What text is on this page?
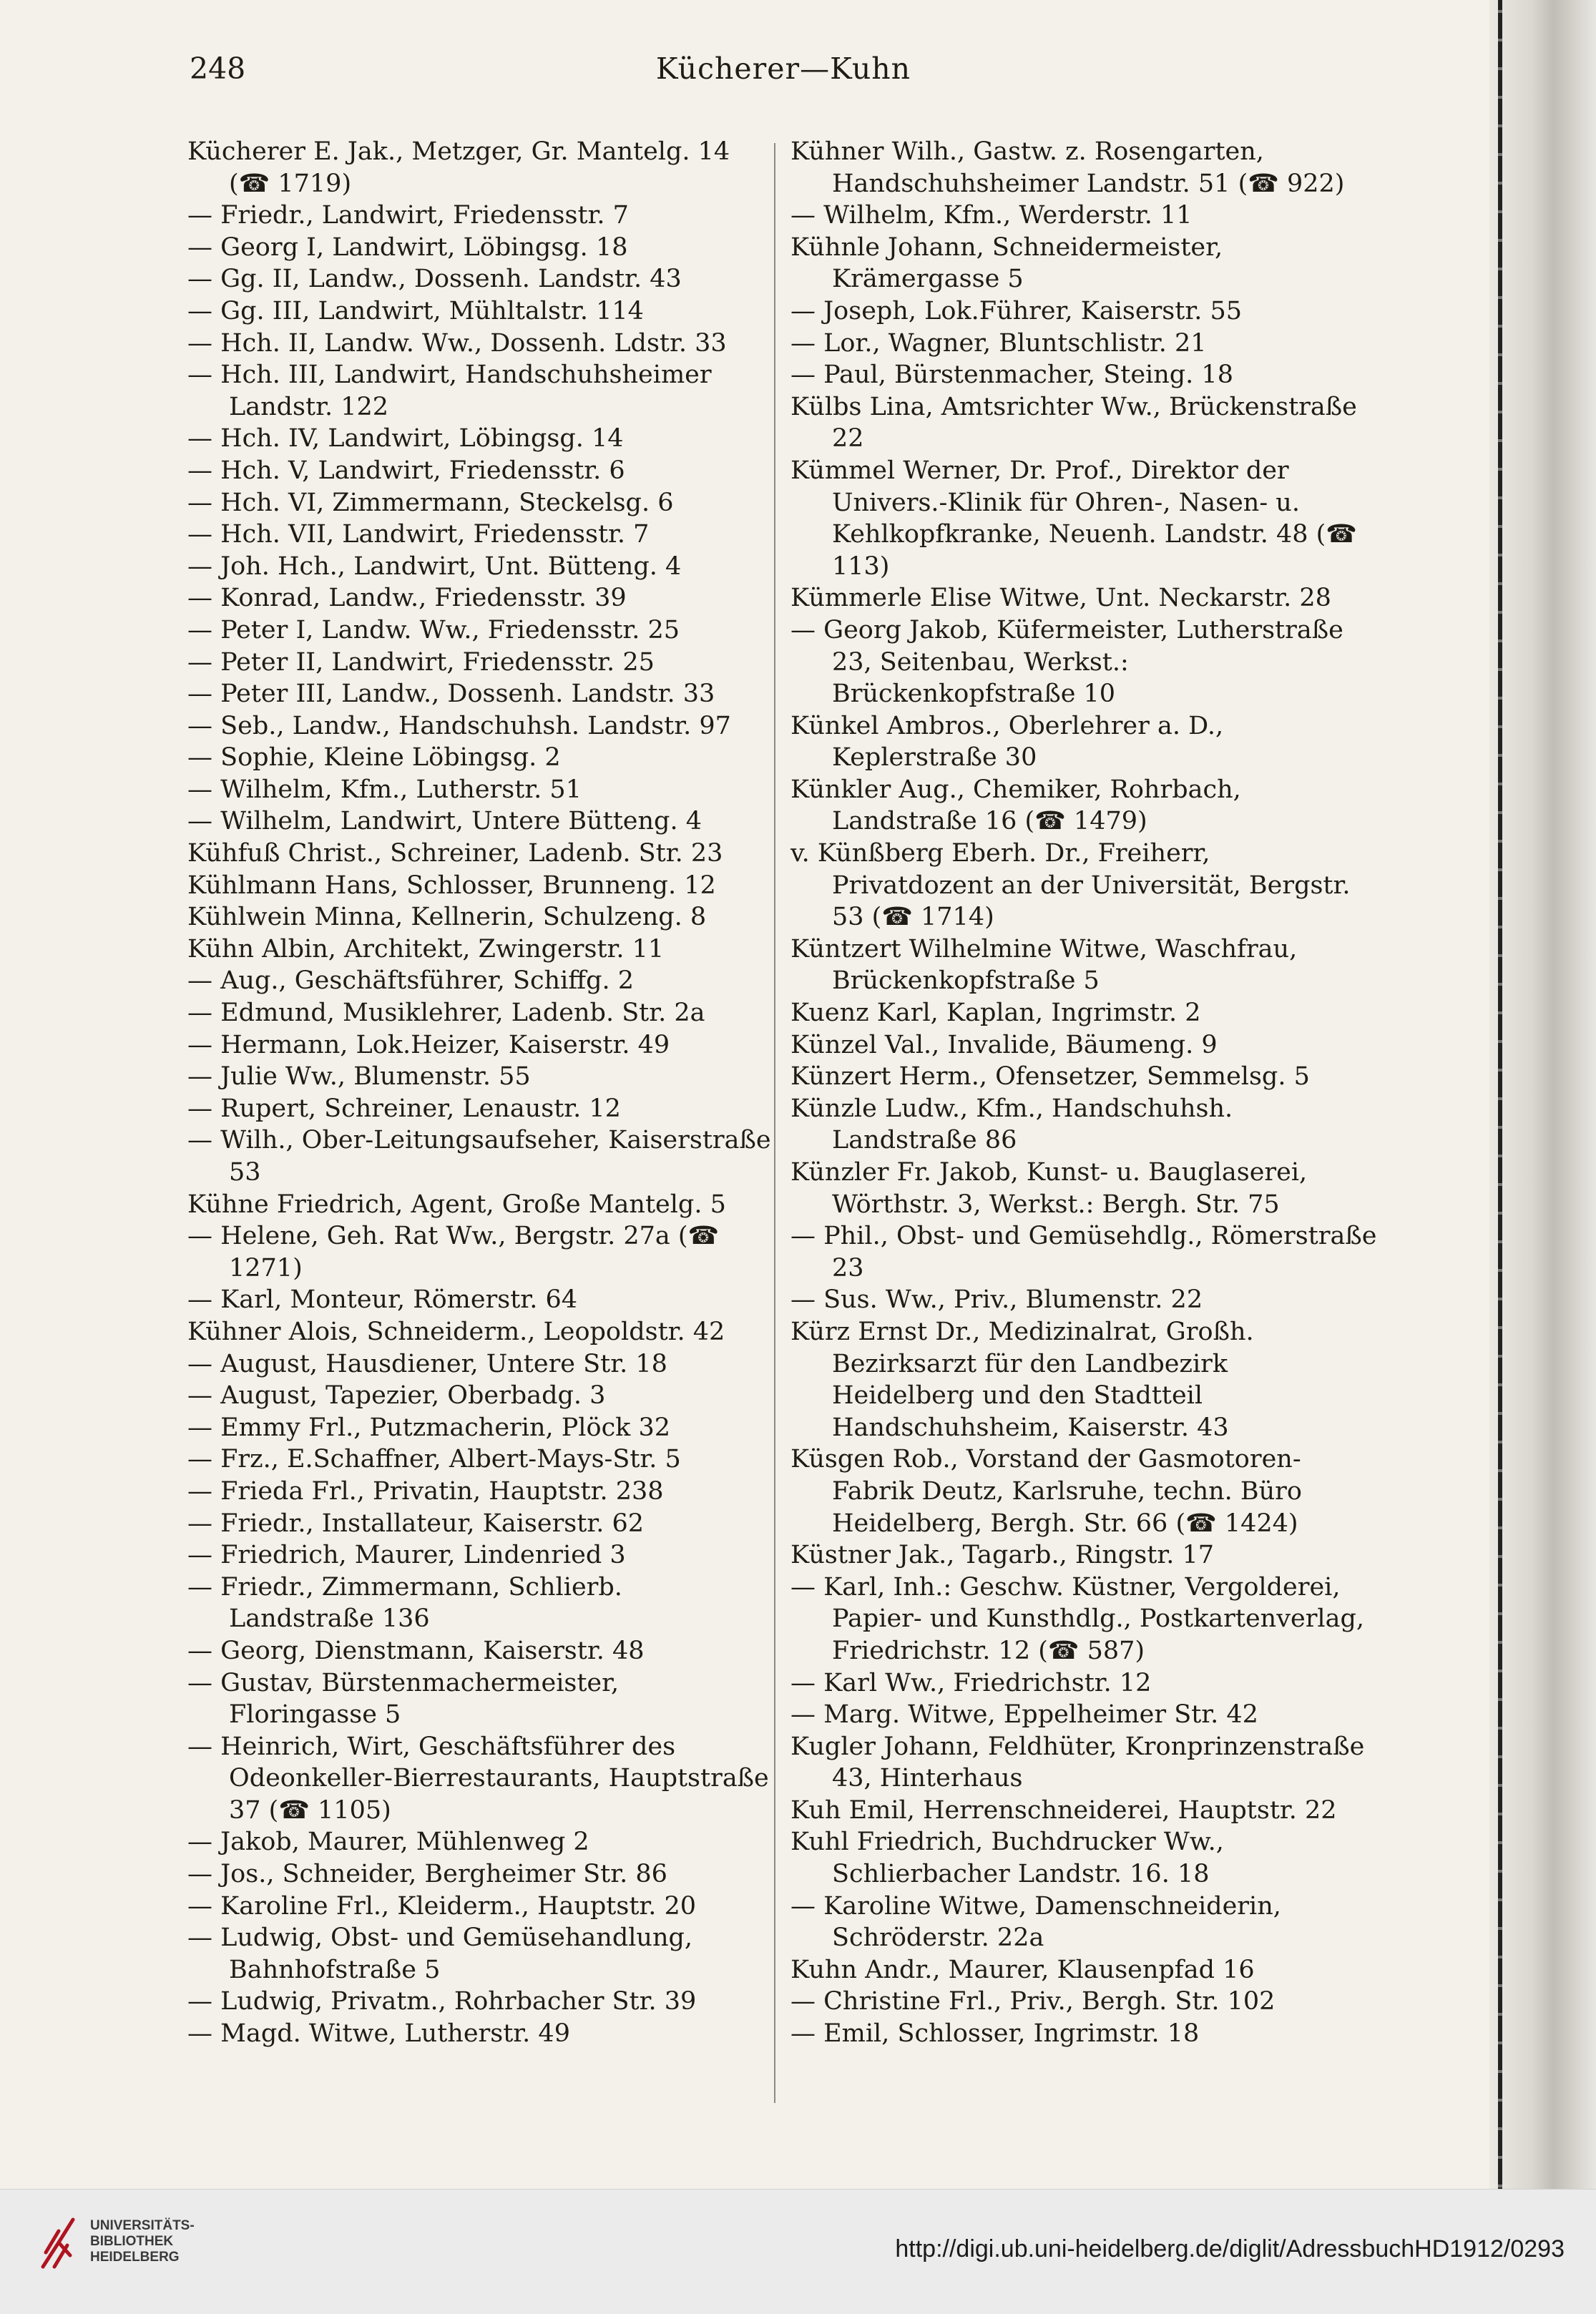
Kücherer—Kuhn
248

Kücherer E. Jak., Metzger, Gr. Mantelg. 14 (☎ 1719)

— Friedr., Landwirt, Friedensstr. 7

— Georg I, Landwirt, Löbingsg. 18

— Gg. II, Landw., Dossenh. Landstr. 43

— Gg. III, Landwirt, Mühltalstr. 114

— Hch. II, Landw. Ww., Dossenh. Ldstr. 33

— Hch. III, Landwirt, Handschuhsheimer Landstr. 122

— Hch. IV, Landwirt, Löbingsg. 14

— Hch. V, Landwirt, Friedensstr. 6

— Hch. VI, Zimmermann, Steckelsg. 6

— Hch. VII, Landwirt, Friedensstr. 7

— Joh. Hch., Landwirt, Unt. Bütteng. 4

— Konrad, Landw., Friedensstr. 39

— Peter I, Landw. Ww., Friedensstr. 25

— Peter II, Landwirt, Friedensstr. 25

— Peter III, Landw., Dossenh. Landstr. 33

— Seb., Landw., Handschuhsh. Landstr. 97

— Sophie, Kleine Löbingsg. 2

— Wilhelm, Kfm., Lutherstr. 51

— Wilhelm, Landwirt, Untere Bütteng. 4

Kühfuß Christ., Schreiner, Ladenb. Str. 23

Kühlmann Hans, Schlosser, Brunneng. 12

Kühlwein Minna, Kellnerin, Schulzeng. 8

Kühn Albin, Architekt, Zwingerstr. 11

— Aug., Geschäftsführer, Schiffg. 2

— Edmund, Musiklehrer, Ladenb. Str. 2a

— Hermann, Lok.Heizer, Kaiserstr. 49

— Julie Ww., Blumenstr. 55

— Rupert, Schreiner, Lenaustr. 12

— Wilh., Ober-Leitungsaufseher, Kaiserstraße 53

Kühne Friedrich, Agent, Große Mantelg. 5

— Helene, Geh. Rat Ww., Bergstr. 27a (☎ 1271)

— Karl, Monteur, Römerstr. 64

Kühner Alois, Schneiderm., Leopoldstr. 42

— August, Hausdiener, Untere Str. 18

— August, Tapezier, Oberbadg. 3

— Emmy Frl., Putzmacherin, Plöck 32

— Frz., E.Schaffner, Albert-Mays-Str. 5

— Frieda Frl., Privatin, Hauptstr. 238

— Friedr., Installateur, Kaiserstr. 62

— Friedrich, Maurer, Lindenried 3

— Friedr., Zimmermann, Schlierb. Landstraße 136

— Georg, Dienstmann, Kaiserstr. 48

— Gustav, Bürstenmachermeister, Floringasse 5

— Heinrich, Wirt, Geschäftsführer des Odeonkeller-Bierrestaurants, Hauptstraße 37 (☎ 1105)

— Jakob, Maurer, Mühlenweg 2

— Jos., Schneider, Bergheimer Str. 86

— Karoline Frl., Kleiderm., Hauptstr. 20

— Ludwig, Obst- und Gemüsehandlung, Bahnhofstraße 5

— Ludwig, Privatm., Rohrbacher Str. 39

— Magd. Witwe, Lutherstr. 49

Kühner Wilh., Gastw. z. Rosengarten, Handschuhsheimer Landstr. 51 (☎ 922)

— Wilhelm, Kfm., Werderstr. 11

Kühnle Johann, Schneidermeister, Krämergasse 5

— Joseph, Lok.Führer, Kaiserstr. 55

— Lor., Wagner, Bluntschlistr. 21

— Paul, Bürstenmacher, Steing. 18

Külbs Lina, Amtsrichter Ww., Brückenstraße 22

Kümmel Werner, Dr. Prof., Direktor der Univers.-Klinik für Ohren-, Nasen- u. Kehlkopfkranke, Neuenh. Landstr. 48 (☎ 113)

Kümmerle Elise Witwe, Unt. Neckarstr. 28

— Georg Jakob, Küfermeister, Lutherstraße 23, Seitenbau, Werkst.: Brückenkopfstraße 10

Künkel Ambros., Oberlehrer a. D., Keplerstraße 30

Künkler Aug., Chemiker, Rohrbach, Landstraße 16 (☎ 1479)

v. Künßberg Eberh. Dr., Freiherr, Privatdozent an der Universität, Bergstr. 53 (☎ 1714)

Küntzert Wilhelmine Witwe, Waschfrau, Brückenkopfstraße 5

Kuenz Karl, Kaplan, Ingrimstr. 2

Künzel Val., Invalide, Bäumeng. 9

Künzert Herm., Ofensetzer, Semmelsg. 5

Künzle Ludw., Kfm., Handschuhsh. Landstraße 86

Künzler Fr. Jakob, Kunst- u. Bauglaserei, Wörthstr. 3, Werkst.: Bergh. Str. 75

— Phil., Obst- und Gemüsehdlg., Römerstraße 23

— Sus. Ww., Priv., Blumenstr. 22

Kürz Ernst Dr., Medizinalrat, Großh. Bezirksarzt für den Landbezirk Heidelberg und den Stadtteil Handschuhsheim, Kaiserstr. 43

Küsgen Rob., Vorstand der Gasmotoren-Fabrik Deutz, Karlsruhe, techn. Büro Heidelberg, Bergh. Str. 66 (☎ 1424)

Küstner Jak., Tagarb., Ringstr. 17

— Karl, Inh.: Geschw. Küstner, Vergolderei, Papier- und Kunsthdlg., Postkartenverlag, Friedrichstr. 12 (☎ 587)

— Karl Ww., Friedrichstr. 12

— Marg. Witwe, Eppelheimer Str. 42

Kugler Johann, Feldhüter, Kronprinzenstraße 43, Hinterhaus

Kuh Emil, Herrenschneiderei, Hauptstr. 22

Kuhl Friedrich, Buchdrucker Ww., Schlierbacher Landstr. 16. 18

— Karoline Witwe, Damenschneiderin, Schröderstr. 22a

Kuhn Andr., Maurer, Klausenpfad 16

— Christine Frl., Priv., Bergh. Str. 102

— Emil, Schlosser, Ingrimstr. 18

UNIVERSITÄTS-
BIBLIOTHEK
HEIDELBERG	http://digi.ub.uni-heidelberg.de/diglit/AdressbuchHD1912/0293
